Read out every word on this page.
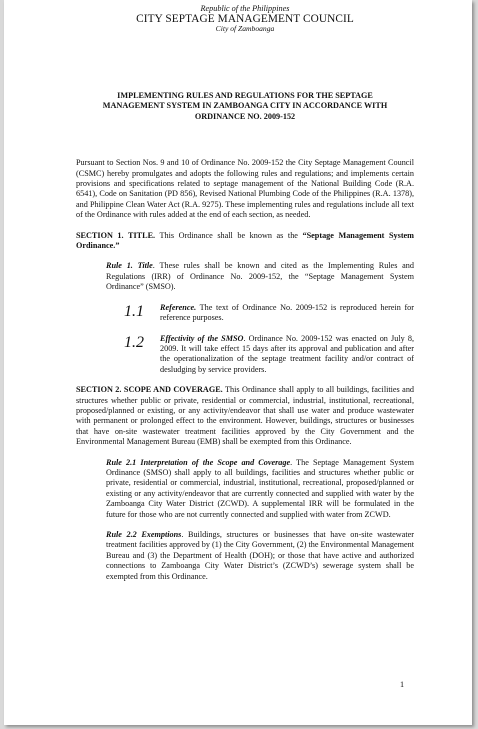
Republic of the Philippines
CITY SEPTAGE MANAGEMENT COUNCIL
City of Zamboanga
IMPLEMENTING RULES AND REGULATIONS FOR THE SEPTAGE MANAGEMENT SYSTEM IN ZAMBOANGA CITY IN ACCORDANCE WITH ORDINANCE NO. 2009-152

Pursuant to Section Nos. 9 and 10 of Ordinance No. 2009-152 the City Septage Management Council (CSMC) hereby promulgates and adopts the following rules and regulations; and implements certain provisions and specifications related to septage management of the National Building Code (R.A. 6541), Code on Sanitation (PD 856), Revised National Plumbing Code of the Philippines (R.A. 1378), and Philippine Clean Water Act (R.A. 9275). These implementing rules and regulations include all text of the Ordinance with rules added at the end of each section, as needed.

SECTION 1. TITLE. This Ordinance shall be known as the “Septage Management System Ordinance.”

Rule 1. Title. These rules shall be known and cited as the Implementing Rules and Regulations (IRR) of Ordinance No. 2009-152, the “Septage Management System Ordinance” (SMSO).

1.1	Reference. The text of Ordinance No. 2009-152 is reproduced herein for reference purposes.

1.2	Effectivity of the SMSO. Ordinance No. 2009-152 was enacted on July 8, 2009. It will take effect 15 days after its approval and publication and after the operationalization of the septage treatment facility and/or contract of desludging by service providers.

SECTION 2. SCOPE AND COVERAGE. This Ordinance shall apply to all buildings, facilities and structures whether public or private, residential or commercial, industrial, institutional, recreational, proposed/planned or existing, or any activity/endeavor that shall use water and produce wastewater with permanent or prolonged effect to the environment. However, buildings, structures or businesses that have on-site wastewater treatment facilities approved by the City Government and the Environmental Management Bureau (EMB) shall be exempted from this Ordinance.

Rule 2.1 Interpretation of the Scope and Coverage. The Septage Management System Ordinance (SMSO) shall apply to all buildings, facilities and structures whether public or private, residential or commercial, industrial, institutional, recreational, proposed/planned or existing or any activity/endeavor that are currently connected and supplied with water by the Zamboanga City Water District (ZCWD). A supplemental IRR will be formulated in the future for those who are not currently connected and supplied with water from ZCWD.

Rule 2.2 Exemptions. Buildings, structures or businesses that have on-site wastewater treatment facilities approved by (1) the City Government, (2) the Environmental Management Bureau and (3) the Department of Health (DOH); or those that have active and authorized connections to Zamboanga City Water District’s (ZCWD’s) sewerage system shall be exempted from this Ordinance.

1
